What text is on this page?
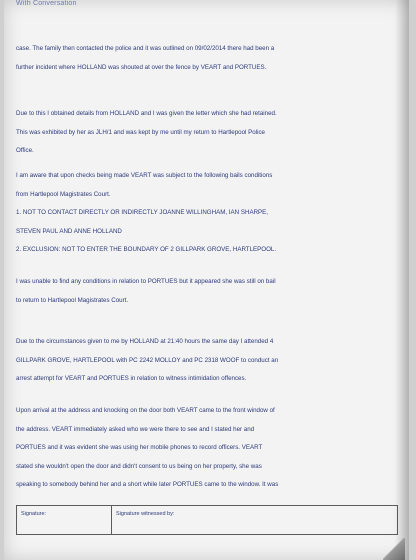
With Conversation
case. The family then contacted the police and it was outlined on 09/02/2014 there had been a
further incident where HOLLAND was shouted at over the fence by VEART and PORTUES.
Due to this I obtained details from HOLLAND and I was given the letter which she had retained.
This was exhibited by her as JLH/1 and was kept by me until my return to Hartlepool Police
Office.
I am aware that upon checks being made VEART was subject to the following bails conditions
from Hartlepool Magistrates Court.
1. NOT TO CONTACT DIRECTLY OR INDIRECTLY JOANNE WILLINGHAM, IAN SHARPE,
STEVEN PAUL AND ANNE HOLLAND
2. EXCLUSION: NOT TO ENTER THE BOUNDARY OF 2 GILLPARK GROVE, HARTLEPOOL.
I was unable to find any conditions in relation to PORTUES but it appeared she was still on bail
to return to Hartlepool Magistrates Court.
Due to the circumstances given to me by HOLLAND at 21:40 hours the same day I attended 4
GILLPARK GROVE, HARTLEPOOL with PC 2242 MOLLOY and PC 2318 WOOF to conduct an
arrest attempt for VEART and PORTUES in relation to witness intimidation offences.
Upon arrival at the address and knocking on the door both VEART came to the front window of
the address. VEART immediately asked who we were there to see and I stated her and
PORTUES and it was evident she was using her mobile phones to record officers. VEART
stated she wouldn't open the door and didn't consent to us being on her property, she was
speaking to somebody behind her and a short while later PORTUES came to the window. It was
Signature:	Signature witnessed by:
